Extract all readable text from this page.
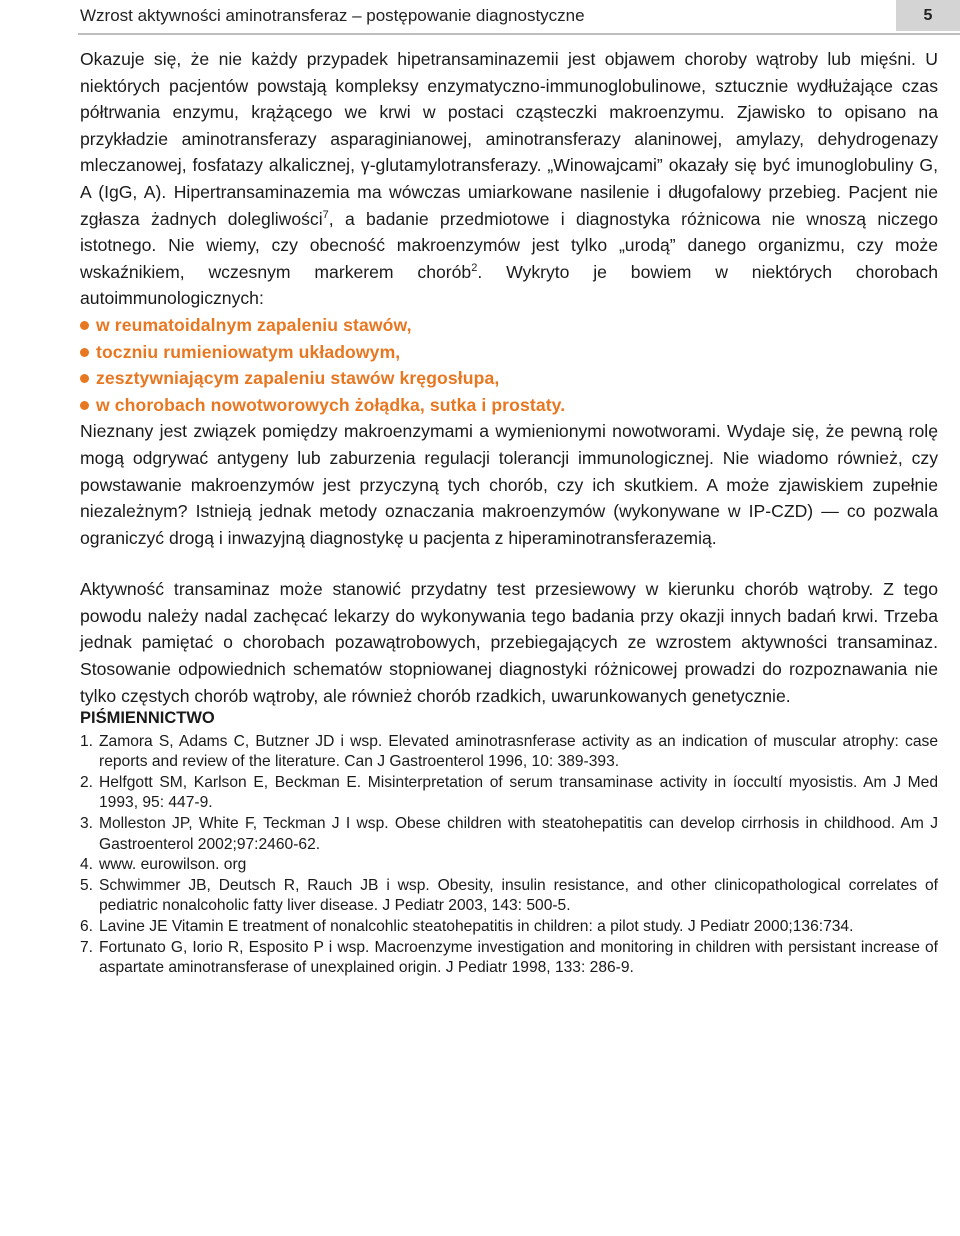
Wzrost aktywności aminotransferaz – postępowanie diagnostyczne	5

Okazuje się, że nie każdy przypadek hipetransaminazemii jest objawem choroby wątroby lub mięśni. U niektórych pacjentów powstają kompleksy enzymatyczno-immunoglobulinowe, sztucznie wydłużające czas półtrwania enzymu, krążącego we krwi w postaci cząsteczki makroenzymu. Zjawisko to opisano na przykładzie aminotransferazy asparaginianowej, aminotransferazy alaninowej, amylazy, dehydrogenazy mleczanowej, fosfatazy alkalicznej, γ-glutamylotransferazy. „Winowajcami” okazały się być imunoglobuliny G, A (IgG, A). Hipertransaminazemia ma wówczas umiarkowane nasilenie i długofalowy przebieg. Pacjent nie zgłasza żadnych dolegliwości$^7$, a badanie przedmiotowe i diagnostyka różnicowa nie wnoszą niczego istotnego. Nie wiemy, czy obecność makroenzymów jest tylko „urodą” danego organizmu, czy może wskaźnikiem, wczesnym markerem chorób$^2$. Wykryto je bowiem w niektórych chorobach autoimmunologicznych:

w reumatoidalnym zapaleniu stawów,
toczniu rumieniowatym układowym,
zesztywniającym zapaleniu stawów kręgosłupa,
w chorobach nowotworowych żołądka, sutka i prostaty.

Nieznany jest związek pomiędzy makroenzymami a wymienionymi nowotworami. Wydaje się, że pewną rolę mogą odgrywać antygeny lub zaburzenia regulacji tolerancji immunologicznej. Nie wiadomo również, czy powstawanie makroenzymów jest przyczyną tych chorób, czy ich skutkiem. A może zjawiskiem zupełnie niezależnym? Istnieją jednak metody oznaczania makroenzymów (wykonywane w IP-CZD) — co pozwala ograniczyć drogą i inwazyjną diagnostykę u pacjenta z hiperaminotransferazemią.

Aktywność transaminaz może stanowić przydatny test przesiewowy w kierunku chorób wątroby. Z tego powodu należy nadal zachęcać lekarzy do wykonywania tego badania przy okazji innych badań krwi. Trzeba jednak pamiętać o chorobach pozawątrobowych, przebiegających ze wzrostem aktywności transaminaz. Stosowanie odpowiednich schematów stopniowanej diagnostyki różnicowej prowadzi do rozpoznawania nie tylko częstych chorób wątroby, ale również chorób rzadkich, uwarunkowanych genetycznie.

PIŚMIENNICTWO
1. Zamora S, Adams C, Butzner JD i wsp. Elevated aminotrasnferase activity as an indication of muscular atrophy: case reports and review of the literature. Can J Gastroenterol 1996, 10: 389-393.
2. Helfgott SM, Karlson E, Beckman E. Misinterpretation of serum transaminase activity in íoccultí myosistis. Am J Med 1993, 95: 447-9.
3. Molleston JP, White F, Teckman J I wsp. Obese children with steatohepatitis can develop cirrhosis in childhood. Am J Gastroenterol 2002;97:2460-62.
4. www. eurowilson. org
5. Schwimmer JB, Deutsch R, Rauch JB i wsp. Obesity, insulin resistance, and other clinicopathological correlates of pediatric nonalcoholic fatty liver disease. J Pediatr 2003, 143: 500-5.
6. Lavine JE Vitamin E treatment of nonalcohlic steatohepatitis in children: a pilot study. J Pediatr 2000;136:734.
7. Fortunato G, Iorio R, Esposito P i wsp. Macroenzyme investigation and monitoring in children with persistant increase of aspartate aminotransferase of unexplained origin. J Pediatr 1998, 133: 286-9.
